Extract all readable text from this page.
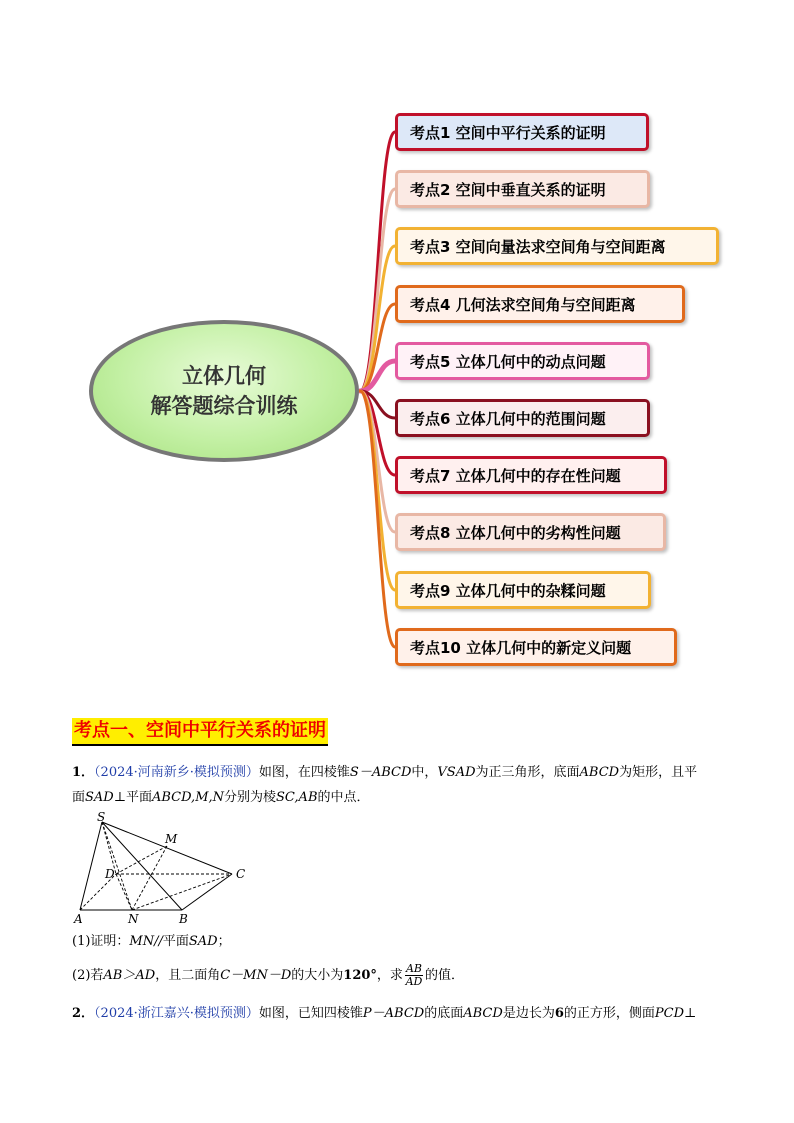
立体几何
解答题综合训练
考点1 空间中平行关系的证明
考点2 空间中垂直关系的证明
考点3 空间向量法求空间角与空间距离
考点4 几何法求空间角与空间距离
考点5 立体几何中的动点问题
考点6 立体几何中的范围问题
考点7 立体几何中的存在性问题
考点8 立体几何中的劣构性问题
考点9 立体几何中的杂糅问题
考点10 立体几何中的新定义问题
考点一、空间中平行关系的证明
1．（2024·河南新乡·模拟预测）如图，在四棱锥S－ABCD中，VSAD为正三角形，底面ABCD为矩形，且平
面SAD⊥平面ABCD,M,N分别为棱SC,AB的中点．
S
M
D	C
A	N	B
(1)证明：MN//平面SAD；
(2)若AB＞AD，且二面角C－MN－D的大小为120°，求 $\frac{AB}{AD}$ 的值．
2．（2024·浙江嘉兴·模拟预测）如图，已知四棱锥P－ABCD的底面ABCD是边长为6的正方形，侧面PCD⊥
